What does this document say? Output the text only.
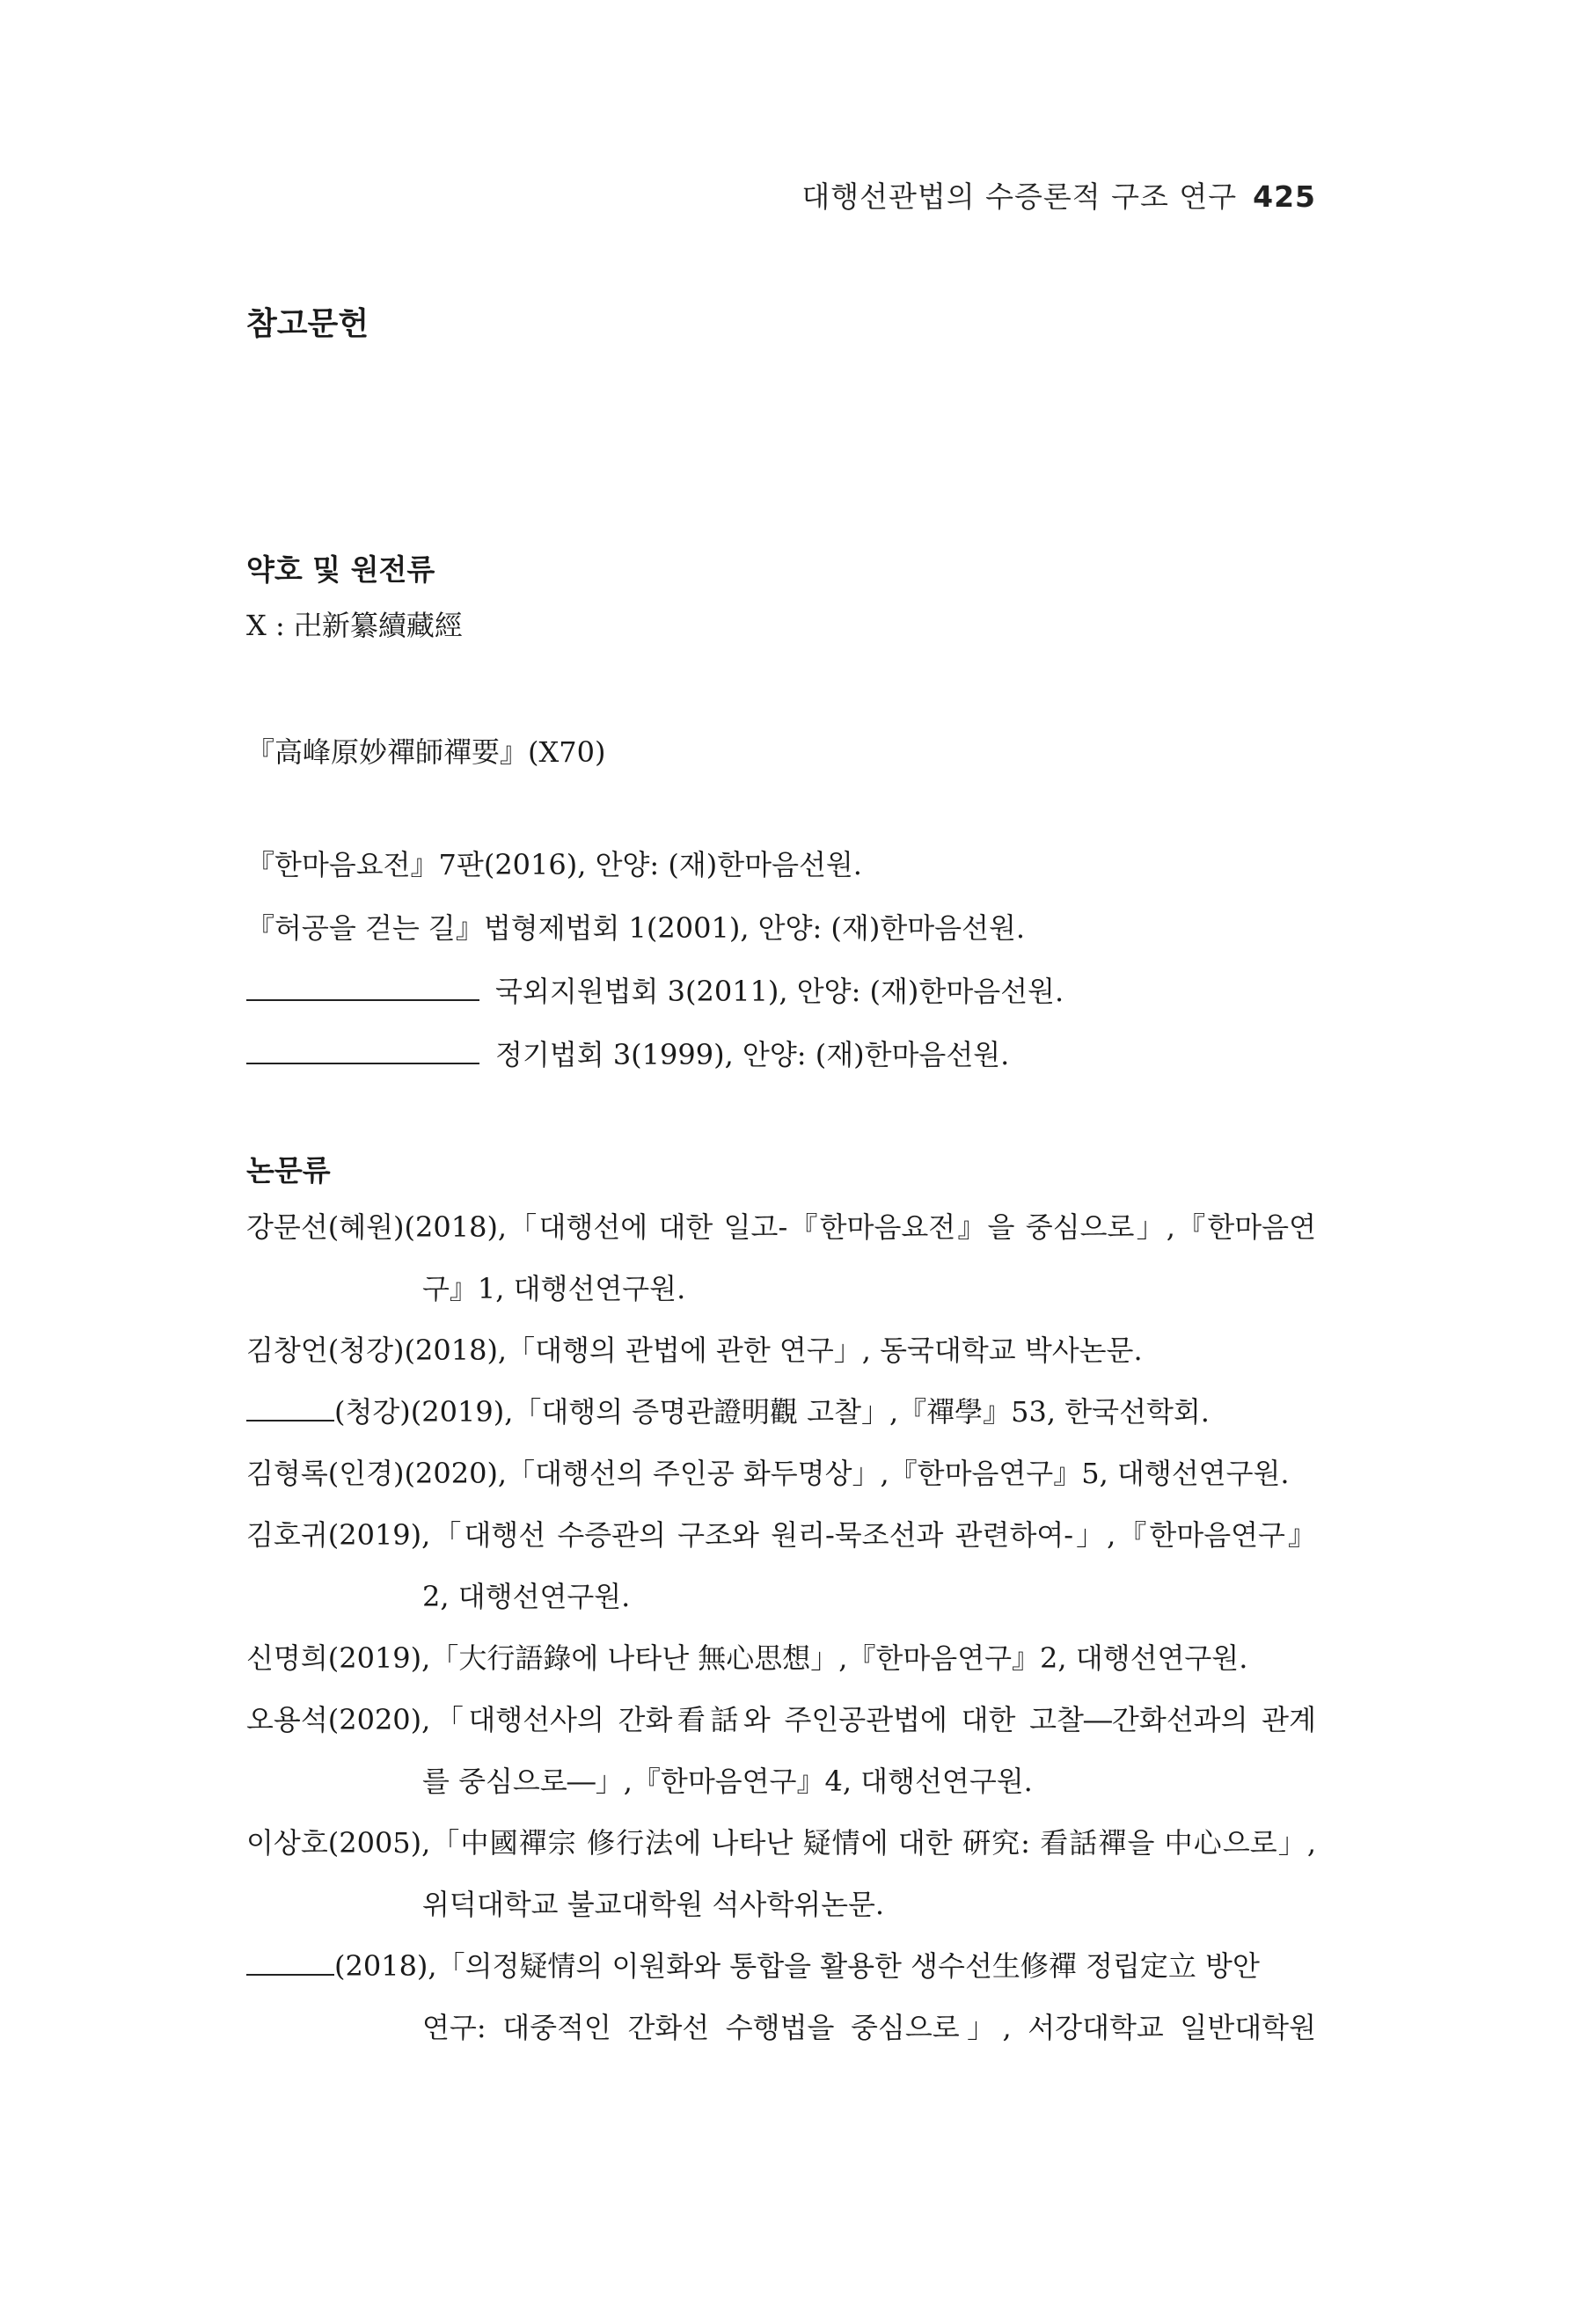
대행선관법의 수증론적 구조 연구 425
참고문헌
약호 및 원전류
X : 卍新纂續藏經
『高峰原妙禪師禪要』(X70)
『한마음요전』7판(2016), 안양: (재)한마음선원.
『허공을 걷는 길』법형제법회 1(2001), 안양: (재)한마음선원.
국외지원법회 3(2011), 안양: (재)한마음선원.
정기법회 3(1999), 안양: (재)한마음선원.
논문류
강문선(혜원)(2018),「대행선에 대한 일고-『한마음요전』을 중심으로」,『한마음연
구』1, 대행선연구원.
김창언(청강)(2018),「대행의 관법에 관한 연구」, 동국대학교 박사논문.
(청강)(2019),「대행의 증명관證明觀 고찰」,『禪學』53, 한국선학회.
김형록(인경)(2020),「대행선의 주인공 화두명상」,『한마음연구』5, 대행선연구원.
김호귀(2019),「대행선 수증관의 구조와 원리-묵조선과 관련하여-」,『한마음연구』
2, 대행선연구원.
신명희(2019),「大行語錄에 나타난 無心思想」,『한마음연구』2, 대행선연구원.
오용석(2020),「대행선사의 간화看話와 주인공관법에 대한 고찰―간화선과의 관계
를 중심으로―」,『한마음연구』4, 대행선연구원.
이상호(2005),「中國禪宗 修行法에 나타난 疑情에 대한 硏究: 看話禪을 中心으로」,
위덕대학교 불교대학원 석사학위논문.
(2018),「의정疑情의 이원화와 통합을 활용한 생수선生修禪 정립定立 방안
연구: 대중적인 간화선 수행법을 중심으로」, 서강대학교 일반대학원
